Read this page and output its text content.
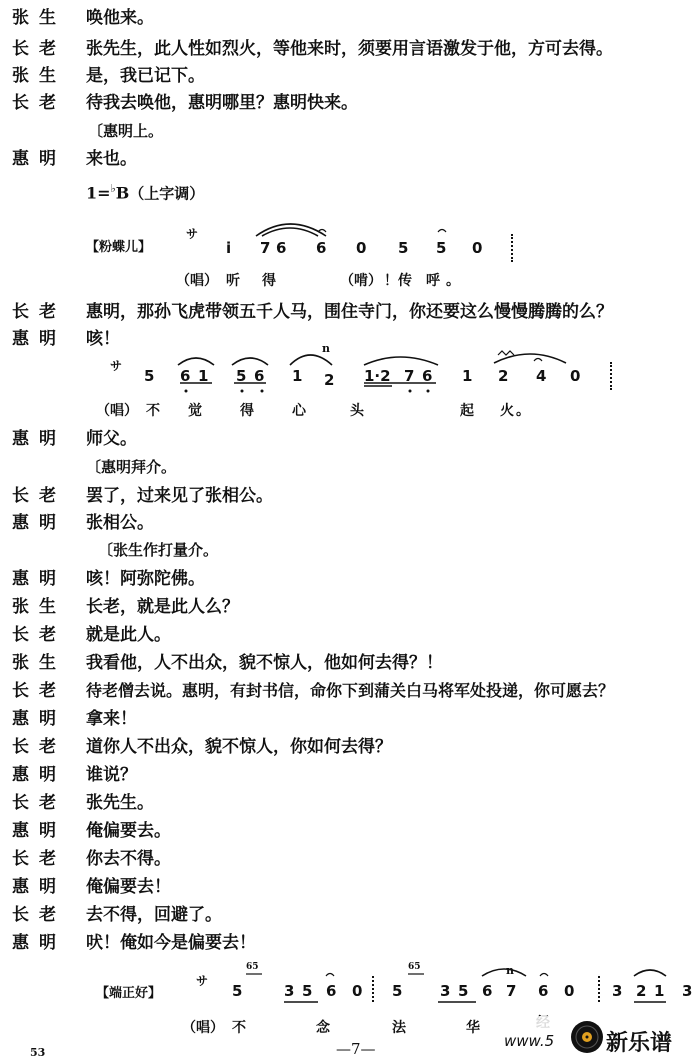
张生	唤他来。
长老	张先生，此人性如烈火，等他来时，须要用言语激发于他，方可去得。
张生	是，我已记下。
长老	待我去唤他，惠明哪里？惠明快来。
〔惠明上。
惠明	来也。
1=♭B（上字调）
【粉蝶儿】
サ
i 7 6 6 0 5 5 0
（唱） 听 得	（啃） ！传 呼 。
长老	惠明，那孙飞虎带领五千人马，围住寺门，你还要这么慢慢腾腾的么？
惠明	咳！
サ
n
5 6 1 5 6 1 2 1·2 7 6 1 2 4 0
（唱） 不 觉	得	心	头	起 火 。
惠明	师父。
〔惠明拜介。
长老	罢了，过来见了张相公。
惠明	张相公。
〔张生作打量介。
惠明	咳！阿弥陀佛。
张生	长老，就是此人么？
长老	就是此人。
张生	我看他，人不出众，貌不惊人，他如何去得？！
长老	待老僧去说。惠明，有封书信，命你下到蒲关白马将军处投递，你可愿去？
惠明	拿来！
长老	道你人不出众，貌不惊人，你如何去得？
惠明	谁说？
长老	张先生。
惠明	俺偏要去。
长老	你去不得。
惠明	俺偏要去！
长老	去不得，回避了。
惠明	吠！俺如今是偏要去！
【端正好】
サ
65	65	n
5	3 5 6 0 5	3 5 6 7 6 0	3 2 1 3
（唱） 不	念	法	华
53	—7—	www.5 新乐谱
